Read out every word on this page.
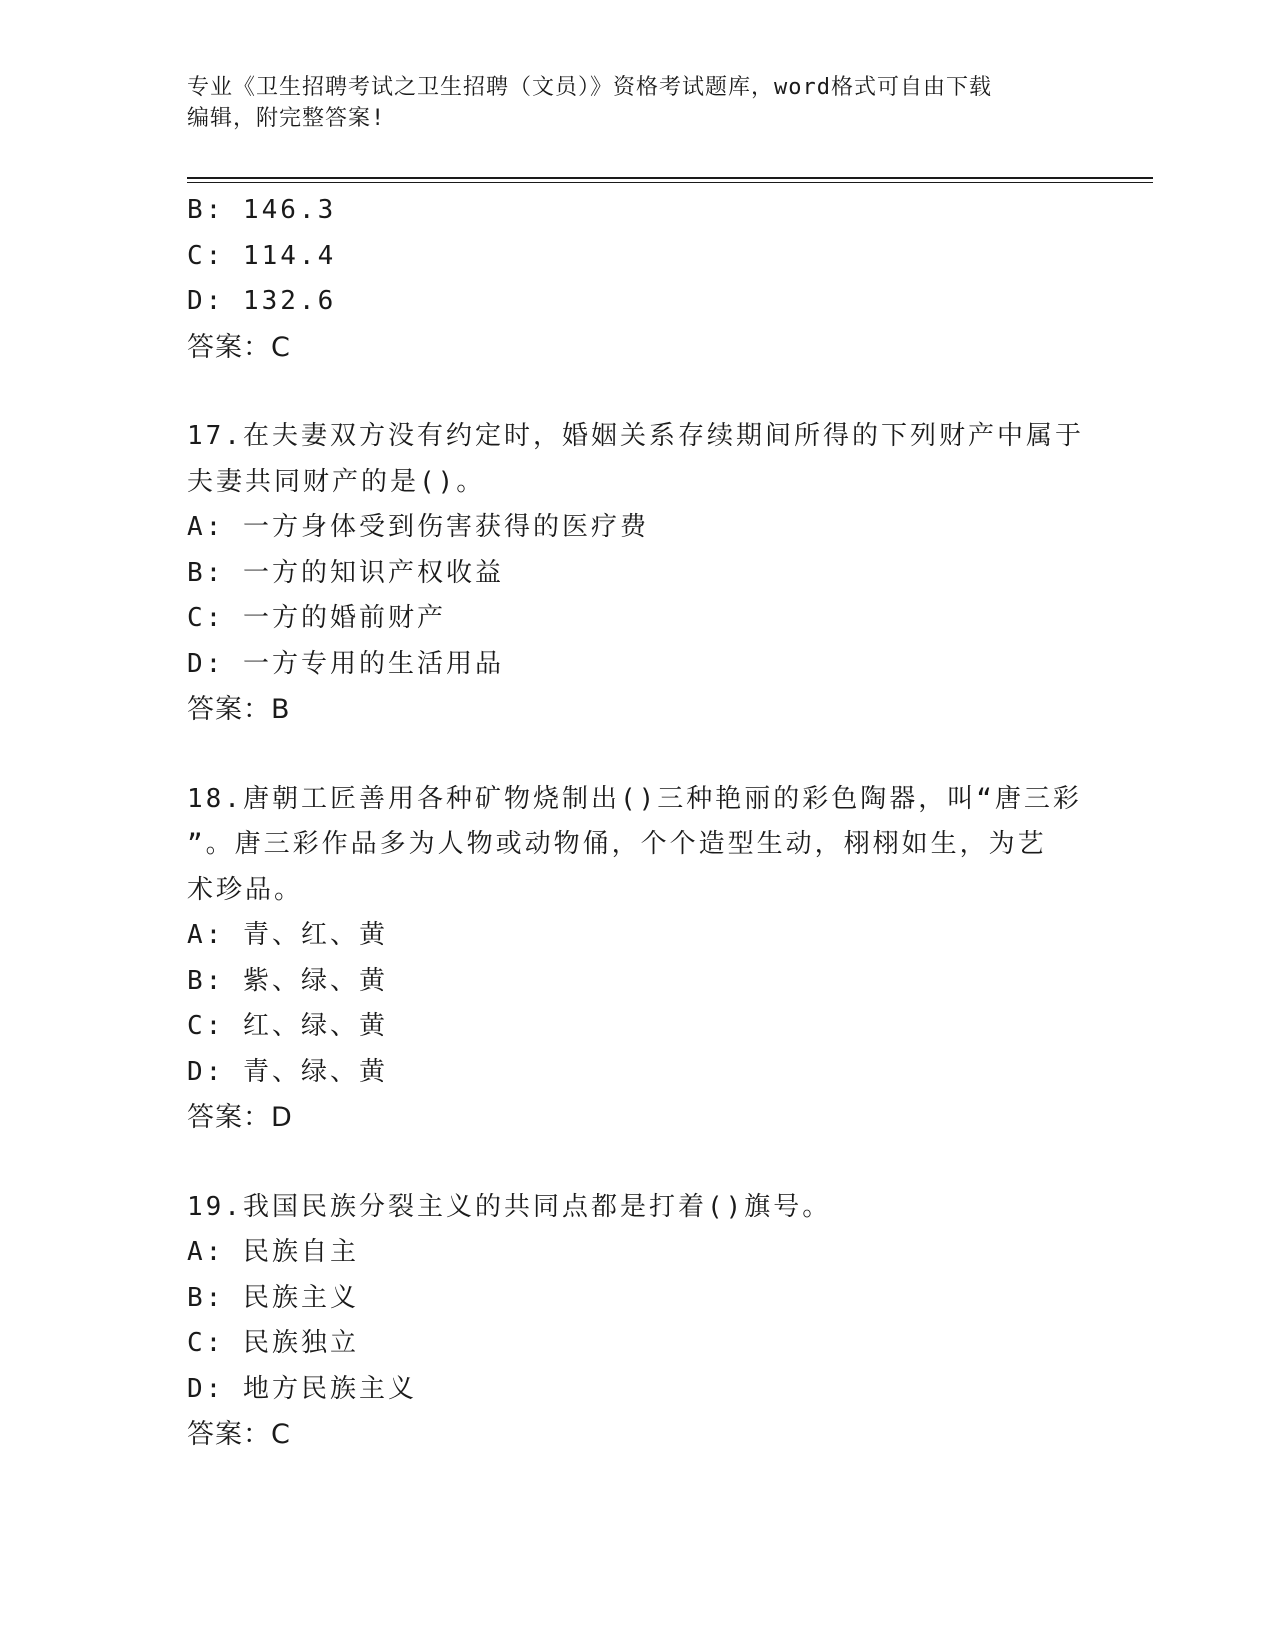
专业《卫生招聘考试之卫生招聘（文员）》资格考试题库，word格式可自由下载
编辑，附完整答案!
B: 146.3
C: 114.4
D: 132.6
答案：C
17.在夫妻双方没有约定时，婚姻关系存续期间所得的下列财产中属于
夫妻共同财产的是()。
A: 一方身体受到伤害获得的医疗费
B: 一方的知识产权收益
C: 一方的婚前财产
D: 一方专用的生活用品
答案：B
18.唐朝工匠善用各种矿物烧制出()三种艳丽的彩色陶器，叫“唐三彩
”。唐三彩作品多为人物或动物俑，个个造型生动，栩栩如生，为艺
术珍品。
A: 青、红、黄
B: 紫、绿、黄
C: 红、绿、黄
D: 青、绿、黄
答案：D
19.我国民族分裂主义的共同点都是打着()旗号。
A: 民族自主
B: 民族主义
C: 民族独立
D: 地方民族主义
答案：C
